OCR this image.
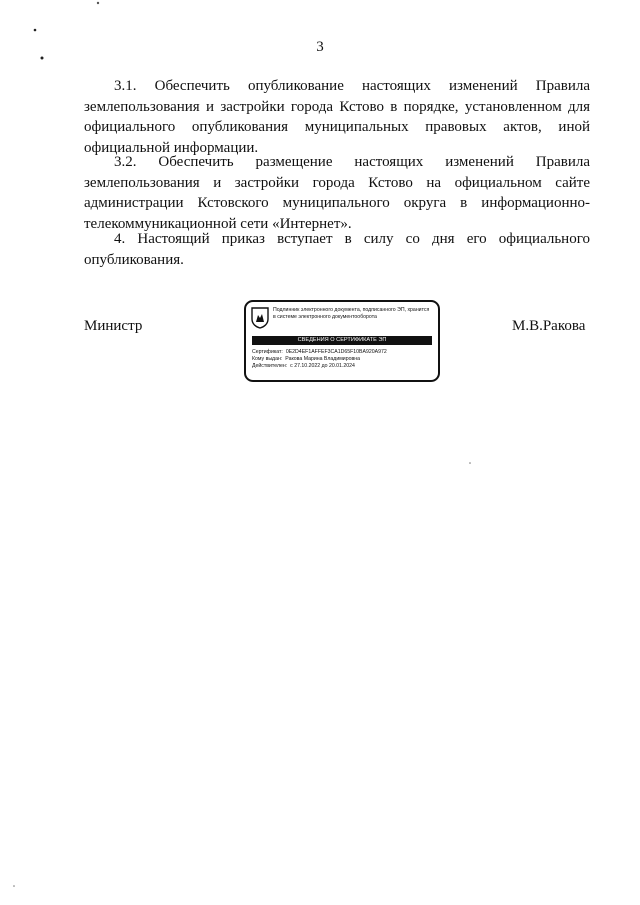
3
3.1. Обеспечить опубликование настоящих изменений Правила землепользования и застройки города Кстово в порядке, установленном для официального опубликования муниципальных правовых актов, иной официальной информации.
3.2. Обеспечить размещение настоящих изменений Правила землепользования и застройки города Кстово на официальном сайте администрации Кстовского муниципального округа в информационно-телекоммуникационной сети «Интернет».
4. Настоящий приказ вступает в силу со дня его официального опубликования.
Министр
Подлинник электронного документа, подписанного ЭП, хранится в системе электронного документооборота
СВЕДЕНИЯ О СЕРТИФИКАТЕ ЭП
Сертификат: 0E2D4EF1AFFEF3CA1D65F10BA920A972
Кому выдан: Ракова Марина Владимировна
Действителен: с 27.10.2022 до 20.01.2024
М.В.Ракова
